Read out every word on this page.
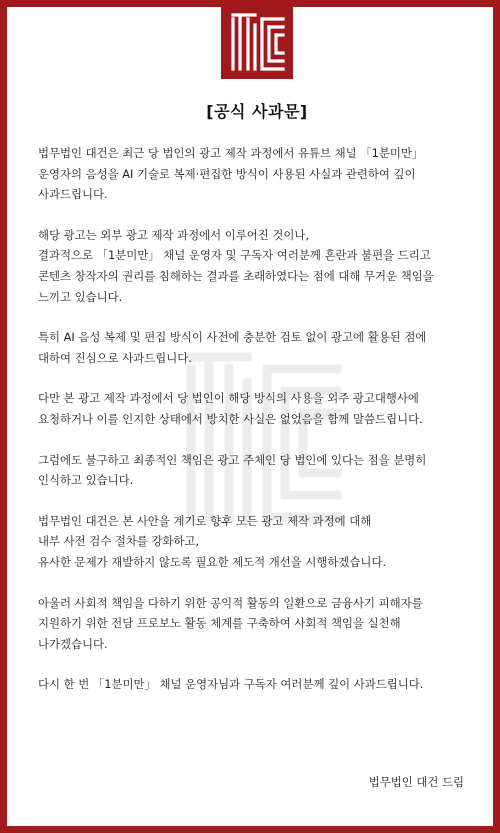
[공식 사과문]

법무법인 대건은 최근 당 법인의 광고 제작 과정에서 유튜브 채널 「1분미만」
운영자의 음성을 AI 기술로 복제·편집한 방식이 사용된 사실과 관련하여 깊이
사과드립니다.

해당 광고는 외부 광고 제작 과정에서 이루어진 것이나,
결과적으로 「1분미만」 채널 운영자 및 구독자 여러분께 혼란과 불편을 드리고
콘텐츠 창작자의 권리를 침해하는 결과를 초래하였다는 점에 대해 무거운 책임을
느끼고 있습니다.

특히 AI 음성 복제 및 편집 방식이 사전에 충분한 검토 없이 광고에 활용된 점에
대하여 진심으로 사과드립니다.

다만 본 광고 제작 과정에서 당 법인이 해당 방식의 사용을 외주 광고대행사에
요청하거나 이를 인지한 상태에서 방치한 사실은 없었음을 함께 말씀드립니다.

그럼에도 불구하고 최종적인 책임은 광고 주체인 당 법인에 있다는 점을 분명히
인식하고 있습니다.

법무법인 대건은 본 사안을 계기로 향후 모든 광고 제작 과정에 대해
내부 사전 검수 절차를 강화하고,
유사한 문제가 재발하지 않도록 필요한 제도적 개선을 시행하겠습니다.

아울러 사회적 책임을 다하기 위한 공익적 활동의 일환으로 금융사기 피해자를
지원하기 위한 전담 프로보노 활동 체계를 구축하여 사회적 책임을 실천해
나가겠습니다.

다시 한 번 「1분미만」 채널 운영자님과 구독자 여러분께 깊이 사과드립니다.

법무법인 대건 드림
